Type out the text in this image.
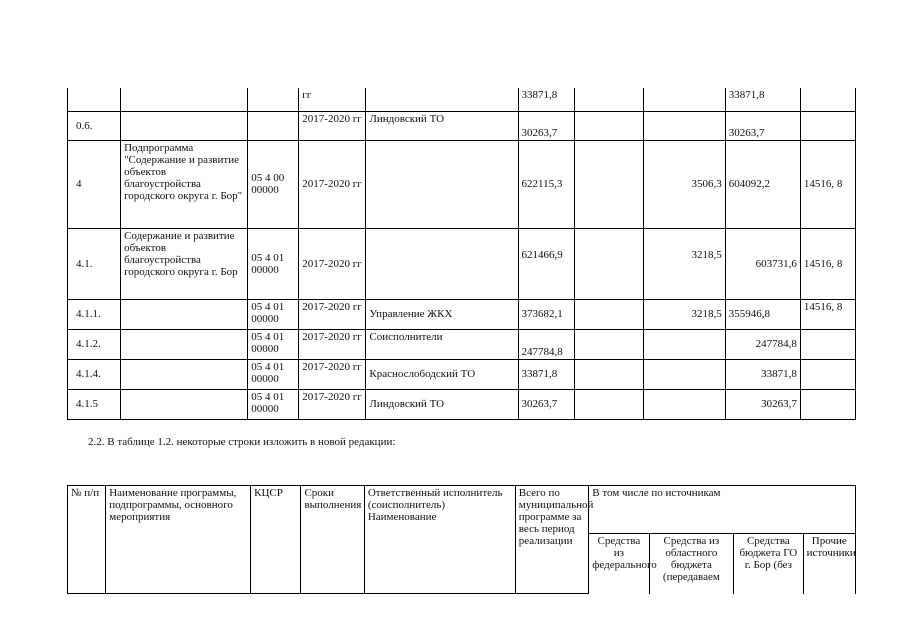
			гг		33871,8			33871,8	
0.6.			2017-2020 гг	Линдовский ТО	30263,7			30263,7	
4	Подпрограмма "Содержание и развитие объектов благоустройства городского округа г. Бор"	05 4 00 00000	2017-2020 гг		622115,3		3506,3	604092,2	14516, 8
4.1.	Содержание и развитие объектов благоустройства городского округа г. Бор	05 4 01 00000	2017-2020 гг		621466,9		3218,5	603731,6	14516, 8
4.1.1.		05 4 01 00000	2017-2020 гг	Управление ЖКХ	373682,1		3218,5	355946,8	14516, 8
4.1.2.		05 4 01 00000	2017-2020 гг	Соисполнители	247784,8			247784,8	
4.1.4.		05 4 01 00000	2017-2020 гг	Краснослободский ТО	33871,8			33871,8	
4.1.5		05 4 01 00000	2017-2020 гг	Линдовский ТО	30263,7			30263,7	
2.2. В таблице 1.2. некоторые строки изложить в новой редакции:
№ п/п	Наименование программы, подпрограммы, основного мероприятия	КЦСР	Сроки выполнения	Ответственный исполнитель (соисполнитель) Наименование	Всего по муниципальной программе за весь период реализации	В том числе по источникам			
						Средства из федерального	Средства из областного бюджета (передаваем	Средства бюджета ГО г. Бор (без	Прочие источники
